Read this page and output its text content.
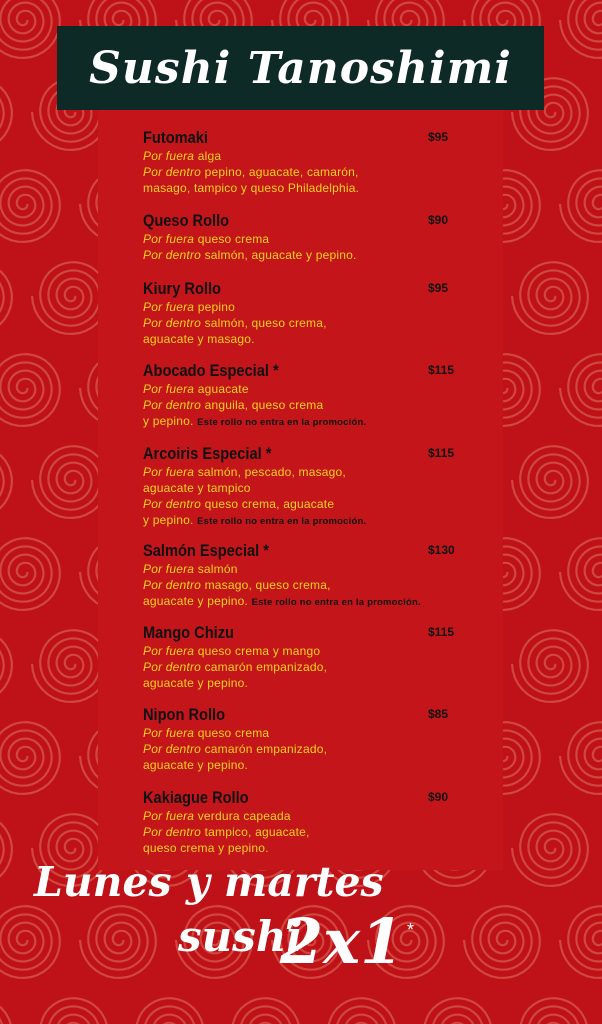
Sushi Tanoshimi
Futomaki	$95
Por fuera alga
Por dentro pepino, aguacate, camarón,
masago, tampico y queso Philadelphia.
Queso Rollo	$90
Por fuera queso crema
Por dentro salmón, aguacate y pepino.
Kiury Rollo	$95
Por fuera pepino
Por dentro salmón, queso crema,
aguacate y masago.
Abocado Especial *	$115
Por fuera aguacate
Por dentro anguila, queso crema
y pepino. Este rollo no entra en la promoción.
Arcoiris Especial *	$115
Por fuera salmón, pescado, masago,
aguacate y tampico
Por dentro queso crema, aguacate
y pepino. Este rollo no entra en la promoción.
Salmón Especial *	$130
Por fuera salmón
Por dentro masago, queso crema,
aguacate y pepino. Este rollo no entra en la promoción.
Mango Chizu	$115
Por fuera queso crema y mango
Por dentro camarón empanizado,
aguacate y pepino.
Nipon Rollo	$85
Por fuera queso crema
Por dentro camarón empanizado,
aguacate y pepino.
Kakiague Rollo	$90
Por fuera verdura capeada
Por dentro tampico, aguacate,
queso crema y pepino.
Lunes y martes
sushi
2x1 *
